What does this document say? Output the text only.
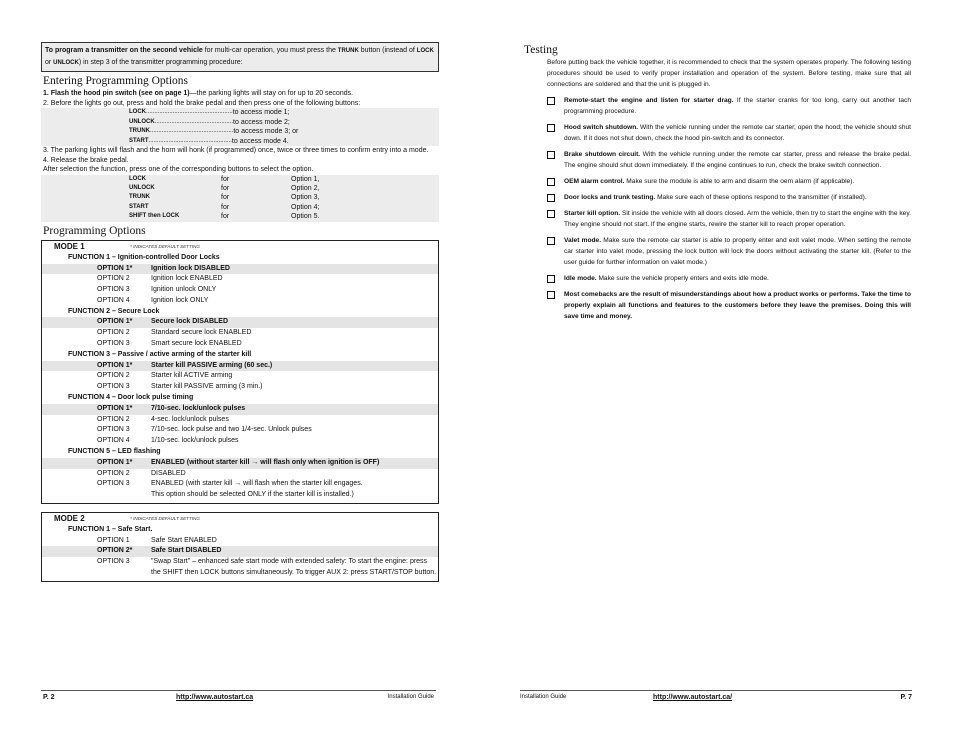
To program a transmitter on the second vehicle for multi-car operation, you must press the TRUNK button (instead of LOCK
or UNLOCK) in step 3 of the transmitter programming procedure:
Entering Programming Options
1. Flash the hood pin switch (see on page 1)—the parking lights will stay on for up to 20 seconds.
2. Before the lights go out, press and hold the brake pedal and then press one of the following buttons:
LOCK .................................................... to access mode 1;
UNLOCK ............................................... to access mode 2;
TRUNK .................................................. to access mode 3; or
START .................................................. to access mode 4.
3. The parking lights will flash and the horn will honk (if programmed) once, twice or three times to confirm entry into a mode.
4. Release the brake pedal.
After selection the function, press one of the corresponding buttons to select the option.
LOCK	for	Option 1,
UNLOCK	for	Option 2,
TRUNK	for	Option 3,
START	for	Option 4;
SHIFT then LOCK	for	Option 5.
Programming Options
MODE 1	* INDICATES DEFAULT SETTING
FUNCTION 1 – Ignition-controlled Door Locks
OPTION 1*	Ignition lock DISABLED
OPTION 2	Ignition lock ENABLED
OPTION 3	Ignition unlock ONLY
OPTION 4	Ignition lock ONLY
FUNCTION 2 – Secure Lock
OPTION 1*	Secure lock DISABLED
OPTION 2	Standard secure lock ENABLED
OPTION 3	Smart secure lock ENABLED
FUNCTION 3 – Passive / active arming of the starter kill
OPTION 1*	Starter kill PASSIVE arming (60 sec.)
OPTION 2	Starter kill ACTIVE arming
OPTION 3	Starter kill PASSIVE arming (3 min.)
FUNCTION 4 – Door lock pulse timing
OPTION 1*	7/10-sec. lock/unlock pulses
OPTION 2	4-sec. lock/unlock pulses
OPTION 3	7/10-sec. lock pulse and two 1/4-sec. Unlock pulses
OPTION 4	1/10-sec. lock/unlock pulses
FUNCTION 5 – LED flashing
OPTION 1*	ENABLED (without starter kill → will flash only when ignition is OFF)
OPTION 2	DISABLED
OPTION 3	ENABLED (with starter kill → will flash when the starter kill engages.
This option should be selected ONLY if the starter kill is installed.)
MODE 2	* INDICATES DEFAULT SETTING
FUNCTION 1 – Safe Start.
OPTION 1	Safe Start ENABLED
OPTION 2*	Safe Start DISABLED
OPTION 3	"Swap Start" – enhanced safe start mode with extended safety: To start the engine: press
the SHIFT then LOCK buttons simultaneously. To trigger AUX 2: press START/STOP button.
Testing
Before putting back the vehicle together, it is recommended to check that the system operates properly. The following testing procedures should be used to verify proper installation and operation of the system. Before testing, make sure that all connections are soldered and that the unit is plugged in.
Remote-start the engine and listen for starter drag. If the starter cranks for too long, carry out another tach programming procedure.
Hood switch shutdown. With the vehicle running under the remote car starter, open the hood; the vehicle should shut down. If it does not shut down, check the hood pin-switch and its connector.
Brake shutdown circuit. With the vehicle running under the remote car starter, press and release the brake pedal. The engine should shut down immediately. If the engine continues to run, check the brake switch connection.
OEM alarm control. Make sure the module is able to arm and disarm the oem alarm (if applicable).
Door locks and trunk testing. Make sure each of these options respond to the transmitter (if installed).
Starter kill option. Sit inside the vehicle with all doors closed. Arm the vehicle, then try to start the engine with the key. They engine should not start. If the engine starts, rewire the starter kill to reach proper operation.
Valet mode. Make sure the remote car starter is able to properly enter and exit valet mode. When setting the remote car starter into valet mode, pressing the lock button will lock the doors without activating the starter kill. (Refer to the user guide for further information on valet mode.)
Idle mode. Make sure the vehicle properly enters and exits idle mode.
Most comebacks are the result of misunderstandings about how a product works or performs. Take the time to properly explain all functions and features to the customers before they leave the premises. Doing this will save time and money.
P. 2	http://www.autostart.ca	Installation Guide	Installation Guide	http://www.autostart.ca/	P. 7
